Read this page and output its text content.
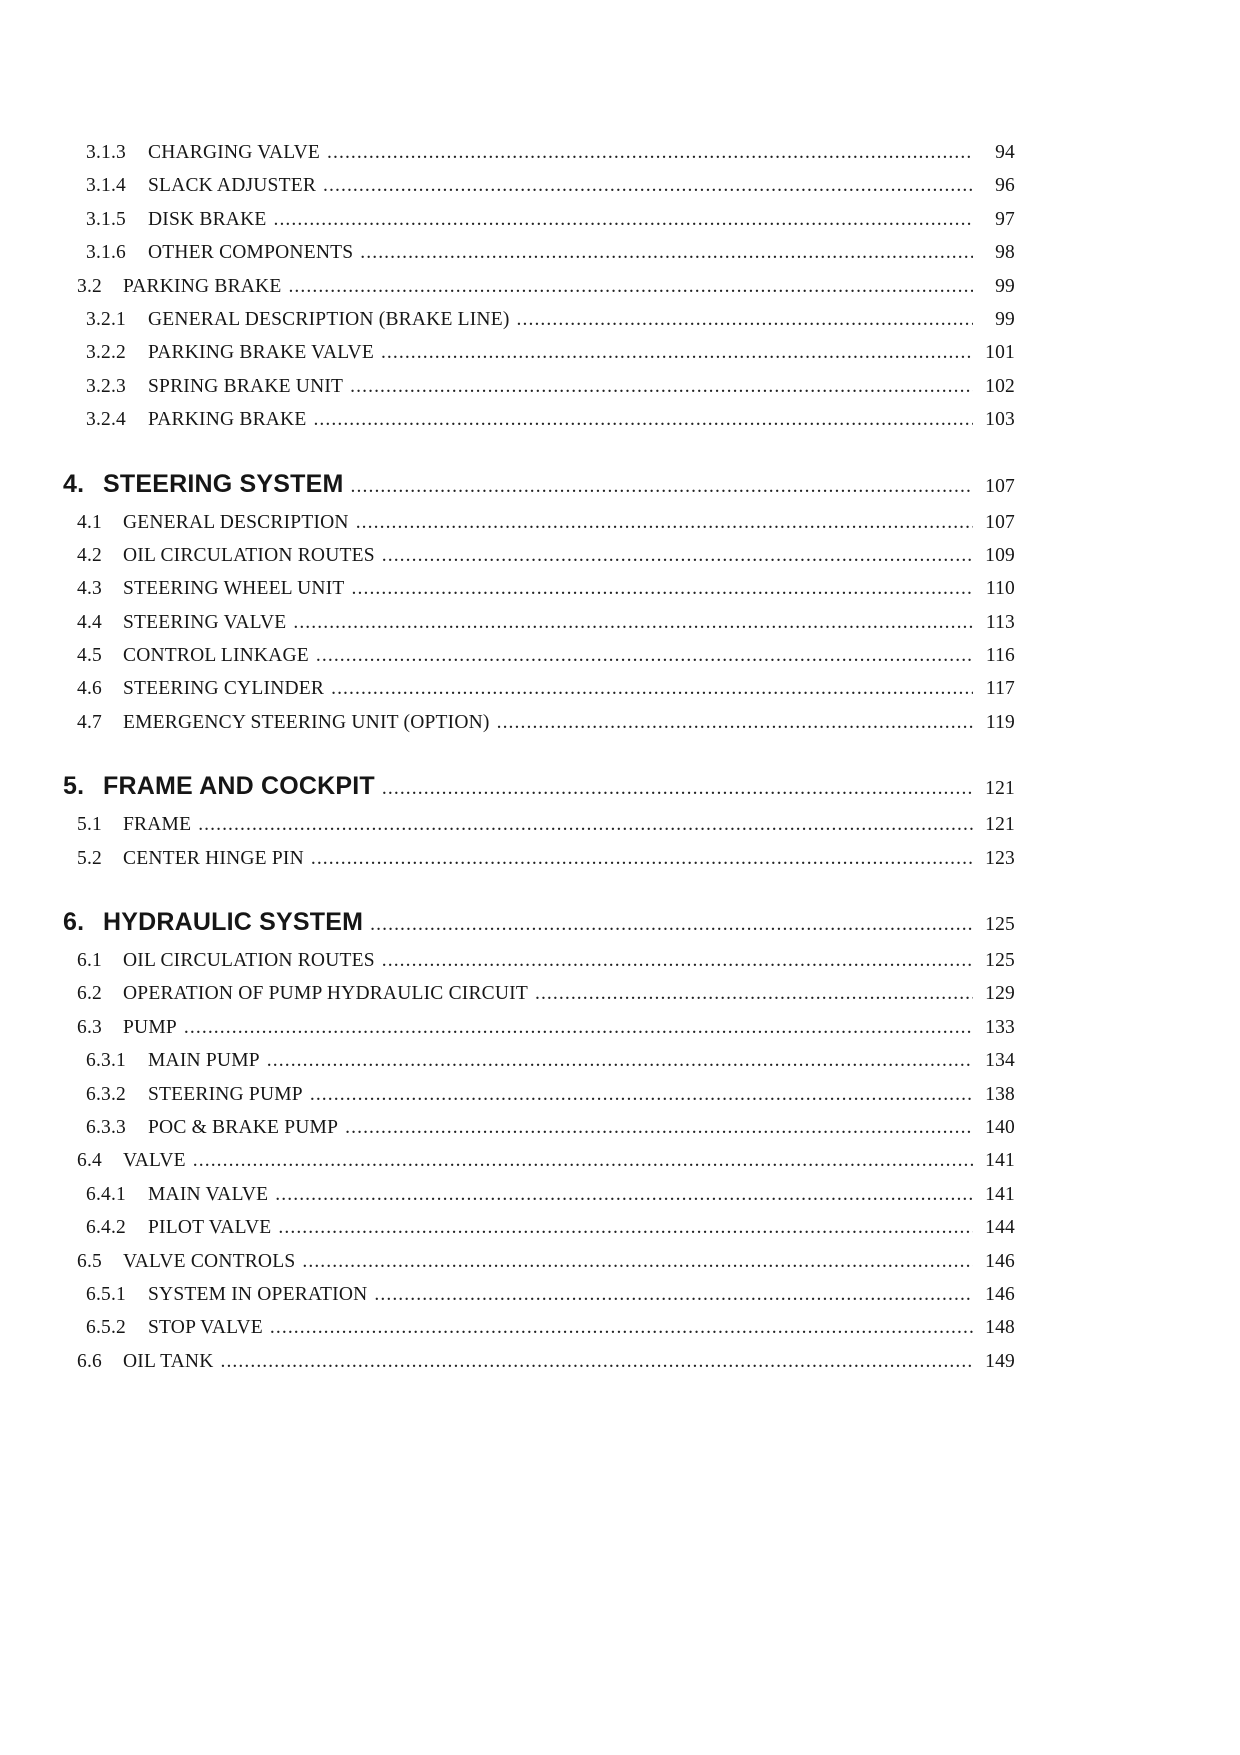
3.1.3	CHARGING VALVE .....	94
3.1.4	SLACK ADJUSTER .....	96
3.1.5	DISK BRAKE .....	97
3.1.6	OTHER COMPONENTS .....	98
3.2	PARKING BRAKE .....	99
3.2.1	GENERAL DESCRIPTION (BRAKE LINE) .....	99
3.2.2	PARKING BRAKE VALVE .....	101
3.2.3	SPRING BRAKE UNIT .....	102
3.2.4	PARKING BRAKE .....	103
4. STEERING SYSTEM .....	107
4.1	GENERAL DESCRIPTION .....	107
4.2	OIL CIRCULATION ROUTES .....	109
4.3	STEERING WHEEL UNIT .....	110
4.4	STEERING VALVE .....	113
4.5	CONTROL LINKAGE .....	116
4.6	STEERING CYLINDER .....	117
4.7	EMERGENCY STEERING UNIT (OPTION) .....	119
5. FRAME AND COCKPIT .....	121
5.1	FRAME .....	121
5.2	CENTER HINGE PIN .....	123
6. HYDRAULIC SYSTEM .....	125
6.1	OIL CIRCULATION ROUTES .....	125
6.2	OPERATION OF PUMP HYDRAULIC CIRCUIT .....	129
6.3	PUMP .....	133
6.3.1	MAIN PUMP .....	134
6.3.2	STEERING PUMP .....	138
6.3.3	POC & BRAKE PUMP .....	140
6.4	VALVE .....	141
6.4.1	MAIN VALVE .....	141
6.4.2	PILOT VALVE .....	144
6.5	VALVE CONTROLS .....	146
6.5.1	SYSTEM IN OPERATION .....	146
6.5.2	STOP VALVE .....	148
6.6	OIL TANK .....	149
